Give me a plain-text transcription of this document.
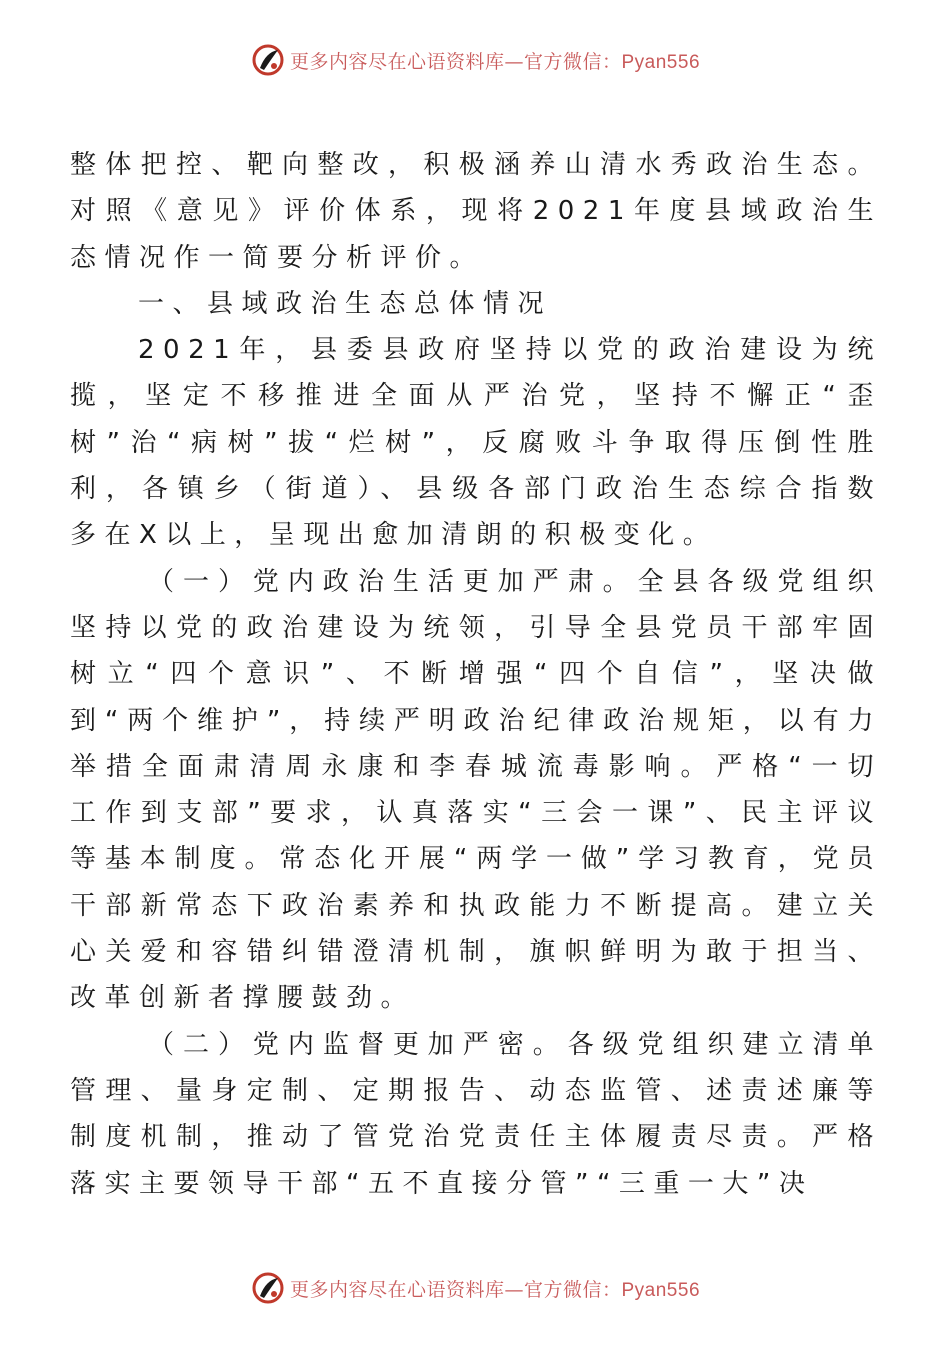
更多内容尽在心语资料库—官方微信：Pyan556

整体把控、靶向整改，积极涵养山清水秀政治生态。对照《意见》评价体系，现将2021年度县域政治生态情况作一简要分析评价。

一、县域政治生态总体情况

2021年，县委县政府坚持以党的政治建设为统揽，坚定不移推进全面从严治党，坚持不懈正“歪树”治“病树”拔“烂树”，反腐败斗争取得压倒性胜利，各镇乡（街道）、县级各部门政治生态综合指数多在X以上，呈现出愈加清朗的积极变化。

（一）党内政治生活更加严肃。全县各级党组织坚持以党的政治建设为统领，引导全县党员干部牢固树立“四个意识”、不断增强“四个自信”，坚决做到“两个维护”，持续严明政治纪律政治规矩，以有力举措全面肃清周永康和李春城流毒影响。严格“一切工作到支部”要求，认真落实“三会一课”、民主评议等基本制度。常态化开展“两学一做”学习教育，党员干部新常态下政治素养和执政能力不断提高。建立关心关爱和容错纠错澄清机制，旗帜鲜明为敢于担当、改革创新者撑腰鼓劲。

（二）党内监督更加严密。各级党组织建立清单管理、量身定制、定期报告、动态监管、述责述廉等制度机制，推动了管党治党责任主体履责尽责。严格落实主要领导干部“五不直接分管”“三重一大”决

更多内容尽在心语资料库—官方微信：Pyan556
